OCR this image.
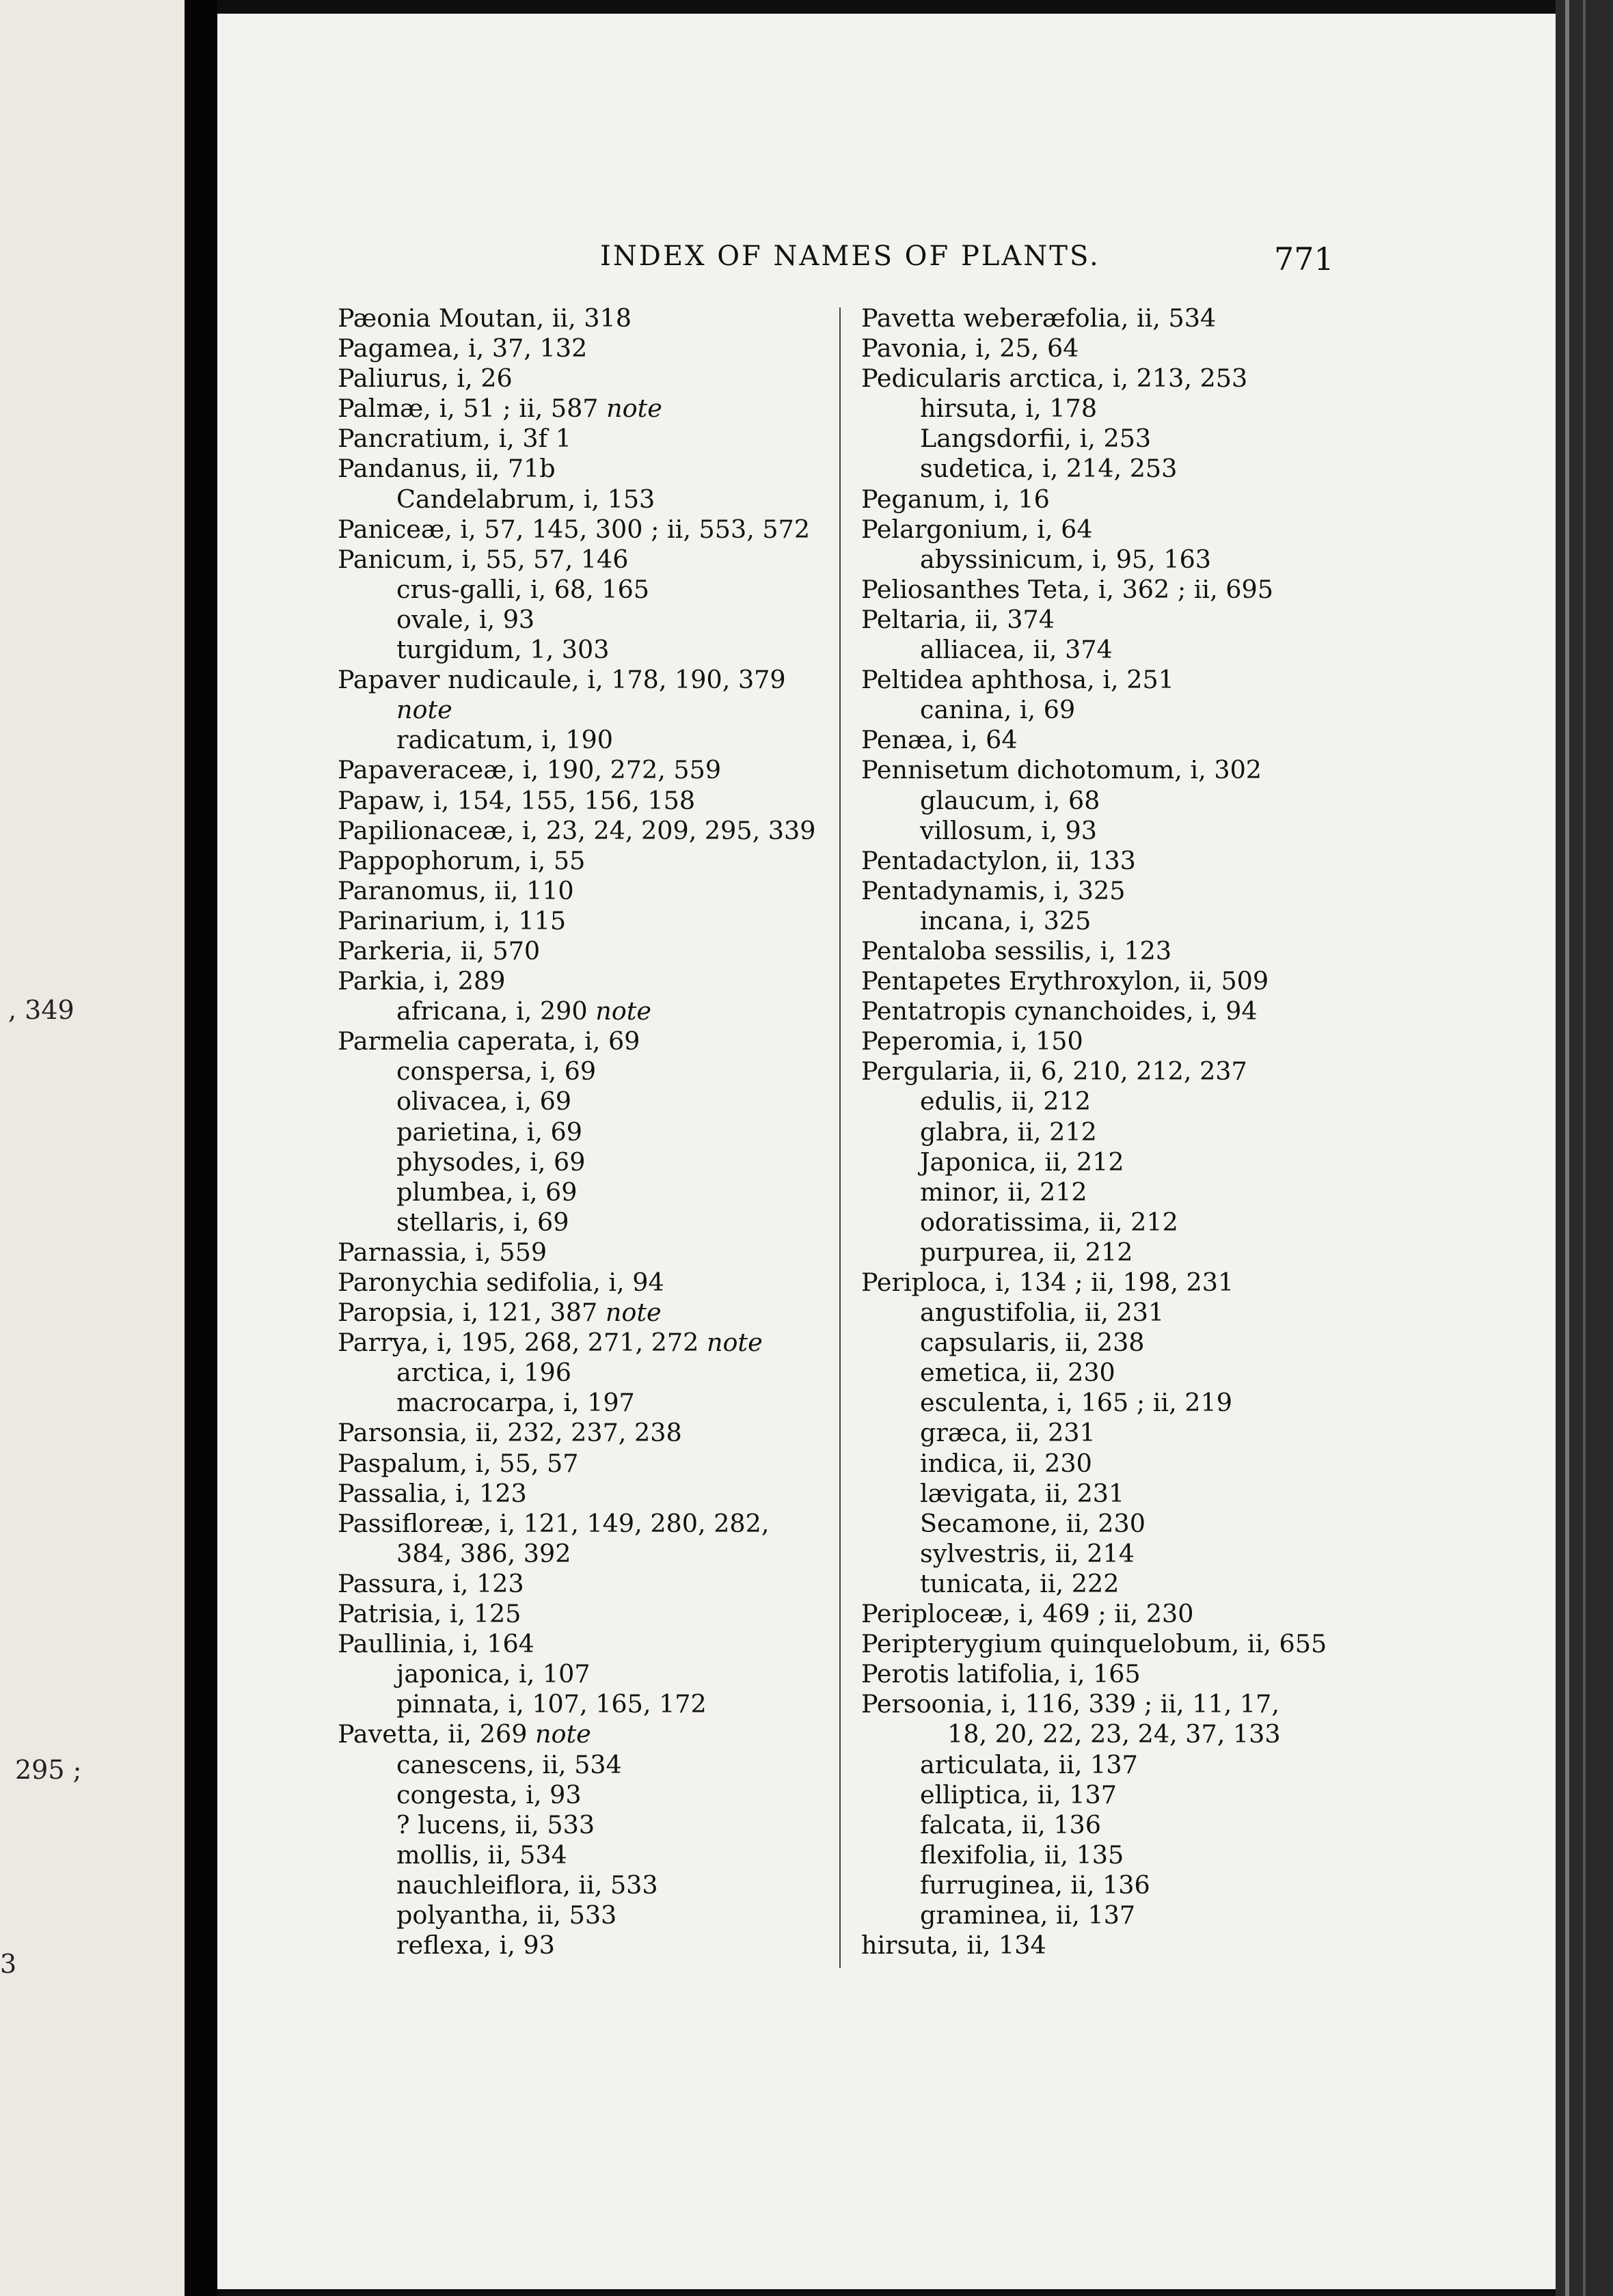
, 349
295 ;
3
INDEX OF NAMES OF PLANTS.	771
Pæonia Moutan, ii, 318
Pagamea, i, 37, 132
Paliurus, i, 26
Palmæ, i, 51 ; ii, 587 note
Pancratium, i, 3f 1
Pandanus, ii, 71b
Candelabrum, i, 153
Paniceæ, i, 57, 145, 300 ; ii, 553, 572
Panicum, i, 55, 57, 146
crus-galli, i, 68, 165
ovale, i, 93
turgidum, 1, 303
Papaver nudicaule, i, 178, 190, 379
note
radicatum, i, 190
Papaveraceæ, i, 190, 272, 559
Papaw, i, 154, 155, 156, 158
Papilionaceæ, i, 23, 24, 209, 295, 339
Pappophorum, i, 55
Paranomus, ii, 110
Parinarium, i, 115
Parkeria, ii, 570
Parkia, i, 289
africana, i, 290 note
Parmelia caperata, i, 69
conspersa, i, 69
olivacea, i, 69
parietina, i, 69
physodes, i, 69
plumbea, i, 69
stellaris, i, 69
Parnassia, i, 559
Paronychia sedifolia, i, 94
Paropsia, i, 121, 387 note
Parrya, i, 195, 268, 271, 272 note
arctica, i, 196
macrocarpa, i, 197
Parsonsia, ii, 232, 237, 238
Paspalum, i, 55, 57
Passalia, i, 123
Passifloreæ, i, 121, 149, 280, 282,
384, 386, 392
Passura, i, 123
Patrisia, i, 125
Paullinia, i, 164
japonica, i, 107
pinnata, i, 107, 165, 172
Pavetta, ii, 269 note
canescens, ii, 534
congesta, i, 93
? lucens, ii, 533
mollis, ii, 534
nauchleiflora, ii, 533
polyantha, ii, 533
reflexa, i, 93
Pavetta weberæfolia, ii, 534
Pavonia, i, 25, 64
Pedicularis arctica, i, 213, 253
hirsuta, i, 178
Langsdorfii, i, 253
sudetica, i, 214, 253
Peganum, i, 16
Pelargonium, i, 64
abyssinicum, i, 95, 163
Peliosanthes Teta, i, 362 ; ii, 695
Peltaria, ii, 374
alliacea, ii, 374
Peltidea aphthosa, i, 251
canina, i, 69
Penæa, i, 64
Pennisetum dichotomum, i, 302
glaucum, i, 68
villosum, i, 93
Pentadactylon, ii, 133
Pentadynamis, i, 325
incana, i, 325
Pentaloba sessilis, i, 123
Pentapetes Erythroxylon, ii, 509
Pentatropis cynanchoides, i, 94
Peperomia, i, 150
Pergularia, ii, 6, 210, 212, 237
edulis, ii, 212
glabra, ii, 212
Japonica, ii, 212
minor, ii, 212
odoratissima, ii, 212
purpurea, ii, 212
Periploca, i, 134 ; ii, 198, 231
angustifolia, ii, 231
capsularis, ii, 238
emetica, ii, 230
esculenta, i, 165 ; ii, 219
græca, ii, 231
indica, ii, 230
lævigata, ii, 231
Secamone, ii, 230
sylvestris, ii, 214
tunicata, ii, 222
Periploceæ, i, 469 ; ii, 230
Peripterygium quinquelobum, ii, 655
Perotis latifolia, i, 165
Persoonia, i, 116, 339 ; ii, 11, 17,
18, 20, 22, 23, 24, 37, 133
articulata, ii, 137
elliptica, ii, 137
falcata, ii, 136
flexifolia, ii, 135
furruginea, ii, 136
graminea, ii, 137
hirsuta, ii, 134
